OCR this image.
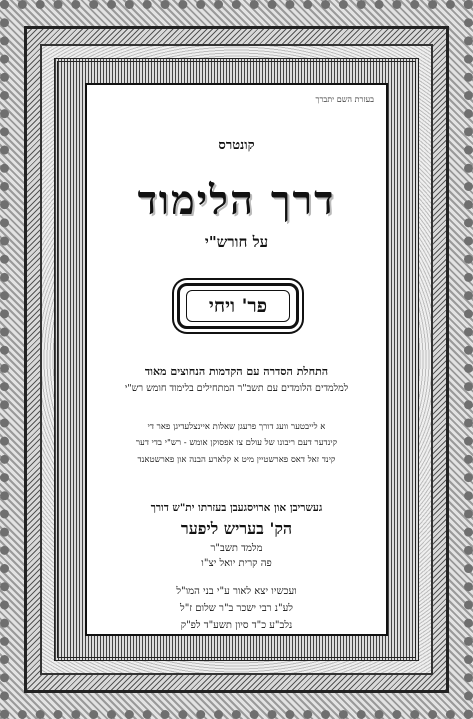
בעזרת השם יתברך
קונטרס
דרך הלימוד
על חורש"י
פר' ויחי
התחלת הסדרה עם הקדמות הנחוצים מאוד
למלמדים הלומדים עם תשב"ר המתחילים בלימוד חומש רש"י
א לייבטער וועג דורך פרעגן שאלות איינצלעדיגן פאר די
קינדער דעם ריבונו של עולם צו אפסוקן אומש - רש"י בדי דער
קינד זאל דאס פארשטיין מיט א קלארע הבנה און פארשטאנד
געשריבן און ארויסגעבן בעזרתו ית"ש דורך
הק' בעריש ליפער
מלמד תשב"ר
פה קרית יואל יצ"ו
ועכשיו יצא לאור ע"י בני המו"ל
לע"נ רבי ישכר ב"ר שלום ז"ל
נלב"ע כ"ד סיון תשע"ד לפ"ק
